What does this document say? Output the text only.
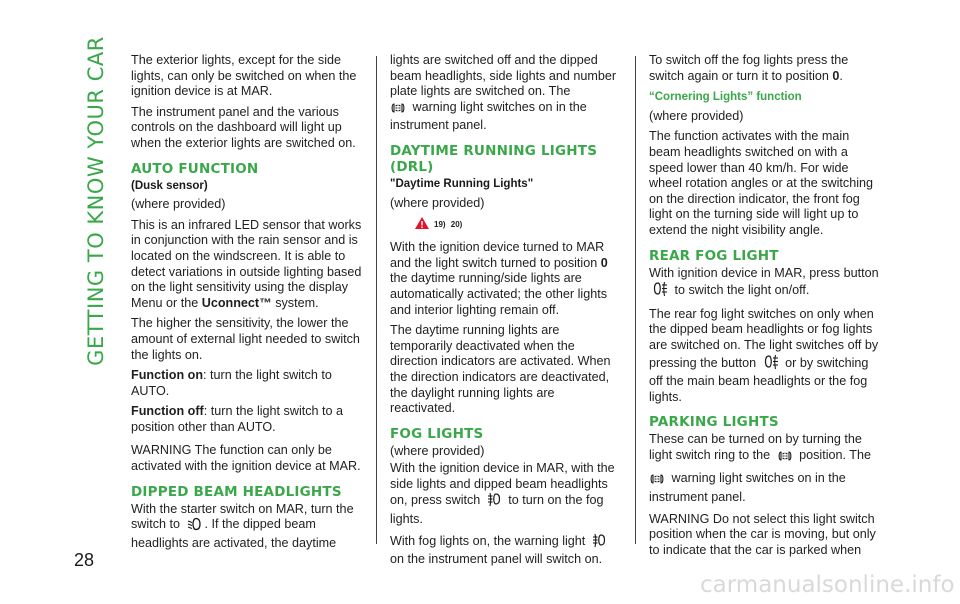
GETTING TO KNOW YOUR CAR
28

The exterior lights, except for the side lights, can only be switched on when the ignition device is at MAR.

The instrument panel and the various controls on the dashboard will light up when the exterior lights are switched on.

AUTO FUNCTION
(Dusk sensor)

(where provided)

This is an infrared LED sensor that works in conjunction with the rain sensor and is located on the windscreen. It is able to detect variations in outside lighting based on the light sensitivity using the display Menu or the Uconnect™ system.

The higher the sensitivity, the lower the amount of external light needed to switch the lights on.

Function on: turn the light switch to AUTO.

Function off: turn the light switch to a position other than AUTO.

WARNING The function can only be activated with the ignition device at MAR.

DIPPED BEAM HEADLIGHTS

With the starter switch on MAR, turn the switch to . If the dipped beam headlights are activated, the daytime

lights are switched off and the dipped beam headlights, side lights and number plate lights are switched on. The
warning light switches on in the instrument panel.

DAYTIME RUNNING LIGHTS
(DRL)
"Daytime Running Lights"

(where provided)

19) 20)

With the ignition device turned to MAR and the light switch turned to position 0 the daytime running/side lights are automatically activated; the other lights and interior lighting remain off.

The daytime running lights are temporarily deactivated when the direction indicators are activated. When the direction indicators are deactivated, the daylight running lights are reactivated.

FOG LIGHTS

(where provided)

With the ignition device in MAR, with the side lights and dipped beam headlights on, press switch  to turn on the fog lights.

With fog lights on, the warning light  on the instrument panel will switch on.

To switch off the fog lights press the switch again or turn it to position 0.

“Cornering Lights” function

(where provided)

The function activates with the main beam headlights switched on with a speed lower than 40 km/h. For wide wheel rotation angles or at the switching on the direction indicator, the front fog light on the turning side will light up to extend the night visibility angle.

REAR FOG LIGHT

With ignition device in MAR, press button  to switch the light on/off.

The rear fog light switches on only when the dipped beam headlights or fog lights are switched on. The light switches off by pressing the button  or by switching off the main beam headlights or the fog lights.

PARKING LIGHTS

These can be turned on by turning the light switch ring to the  position. The

warning light switches on in the instrument panel.

WARNING Do not select this light switch position when the car is moving, but only to indicate that the car is parked when

carmanualsonline.info
